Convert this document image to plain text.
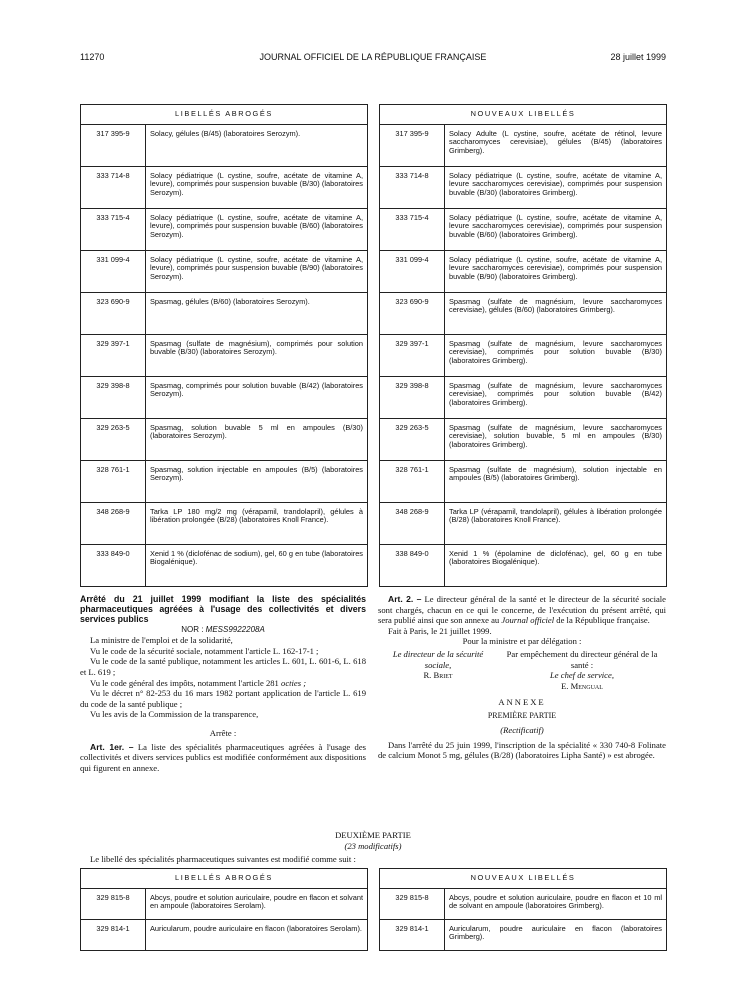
11270	JOURNAL OFFICIEL DE LA RÉPUBLIQUE FRANÇAISE	28 juillet 1999
LIBELLÉS ABROGÉS			NOUVEAUX LIBELLÉS	
317 395-9	Solacy, gélules (B/45) (laboratoires Serozym).		317 395-9	Solacy Adulte (L cystine, soufre, acétate de rétinol, levure saccharomyces cerevisiae), gélules (B/45) (laboratoires Grimberg).
333 714-8	Solacy pédiatrique (L cystine, soufre, acétate de vitamine A, levure), comprimés pour suspension buvable (B/30) (laboratoires Serozym).		333 714-8	Solacy pédiatrique (L cystine, soufre, acétate de vitamine A, levure saccharomyces cerevisiae), comprimés pour suspension buvable (B/30) (laboratoires Grimberg).
333 715-4	Solacy pédiatrique (L cystine, soufre, acétate de vitamine A, levure), comprimés pour suspension buvable (B/60) (laboratoires Serozym).		333 715-4	Solacy pédiatrique (L cystine, soufre, acétate de vitamine A, levure saccharomyces cerevisiae), comprimés pour suspension buvable (B/60) (laboratoires Grimberg).
331 099-4	Solacy pédiatrique (L cystine, soufre, acétate de vitamine A, levure), comprimés pour suspension buvable (B/90) (laboratoires Serozym).		331 099-4	Solacy pédiatrique (L cystine, soufre, acétate de vitamine A, levure saccharomyces cerevisiae), comprimés pour suspension buvable (B/90) (laboratoires Grimberg).
323 690-9	Spasmag, gélules (B/60) (laboratoires Serozym).		323 690-9	Spasmag (sulfate de magnésium, levure saccharomyces cerevisiae), gélules (B/60) (laboratoires Grimberg).
329 397-1	Spasmag (sulfate de magnésium), comprimés pour solution buvable (B/30) (laboratoires Serozym).		329 397-1	Spasmag (sulfate de magnésium, levure saccharomyces cerevisiae), comprimés pour solution buvable (B/30) (laboratoires Grimberg).
329 398-8	Spasmag, comprimés pour solution buvable (B/42) (laboratoires Serozym).		329 398-8	Spasmag (sulfate de magnésium, levure saccharomyces cerevisiae), comprimés pour solution buvable (B/42) (laboratoires Grimberg).
329 263-5	Spasmag, solution buvable 5 ml en ampoules (B/30) (laboratoires Serozym).		329 263-5	Spasmag (sulfate de magnésium, levure saccharomyces cerevisiae), solution buvable, 5 ml en ampoules (B/30) (laboratoires Grimberg).
328 761-1	Spasmag, solution injectable en ampoules (B/5) (laboratoires Serozym).		328 761-1	Spasmag (sulfate de magnésium), solution injectable en ampoules (B/5) (laboratoires Grimberg).
348 268-9	Tarka LP 180 mg/2 mg (vérapamil, trandolapril), gélules à libération prolongée (B/28) (laboratoires Knoll France).		348 268-9	Tarka LP (vérapamil, trandolapril), gélules à libération prolongée (B/28) (laboratoires Knoll France).
333 849-0	Xenid 1 % (diclofénac de sodium), gel, 60 g en tube (laboratoires Biogalénique).		338 849-0	Xenid 1 % (épolamine de diclofénac), gel, 60 g en tube (laboratoires Biogalénique).

Arrêté du 21 juillet 1999 modifiant la liste des spécialités pharmaceutiques agréées à l'usage des collectivités et divers services publics

NOR : MESS9922208A

La ministre de l'emploi et de la solidarité,

Vu le code de la sécurité sociale, notamment l'article L. 162-17-1 ;

Vu le code de la santé publique, notamment les articles L. 601, L. 601-6, L. 618 et L. 619 ;

Vu le code général des impôts, notamment l'article 281 octies ;

Vu le décret n° 82-253 du 16 mars 1982 portant application de l'article L. 619 du code de la santé publique ;

Vu les avis de la Commission de la transparence,

Arrête :

Art. 1er. – La liste des spécialités pharmaceutiques agréées à l'usage des collectivités et divers services publics est modifiée conformément aux dispositions qui figurent en annexe.

Art. 2. – Le directeur général de la santé et le directeur de la sécurité sociale sont chargés, chacun en ce qui le concerne, de l'exécution du présent arrêté, qui sera publié ainsi que son annexe au Journal officiel de la République française.

Fait à Paris, le 21 juillet 1999.

Pour la ministre et par délégation :

Le directeur de la sécurité sociale,
R. Briet
Par empêchement du directeur général de la santé :
Le chef de service,
E. Mengual

ANNEXE

PREMIÈRE PARTIE

(Rectificatif)

Dans l'arrêté du 25 juin 1999, l'inscription de la spécialité « 330 740-8 Folinate de calcium Monot 5 mg, gélules (B/28) (laboratoires Lipha Santé) » est abrogée.

DEUXIÈME PARTIE
(23 modificatifs)
Le libellé des spécialités pharmaceutiques suivantes est modifié comme suit :
LIBELLÉS ABROGÉS			NOUVEAUX LIBELLÉS	
329 815-8	Abcys, poudre et solution auriculaire, poudre en flacon et solvant en ampoule (laboratoires Serolam).		329 815-8	Abcys, poudre et solution auriculaire, poudre en flacon et 10 ml de solvant en ampoule (laboratoires Grimberg).
329 814-1	Auricularum, poudre auriculaire en flacon (laboratoires Serolam).		329 814-1	Auricularum, poudre auriculaire en flacon (laboratoires Grimberg).
